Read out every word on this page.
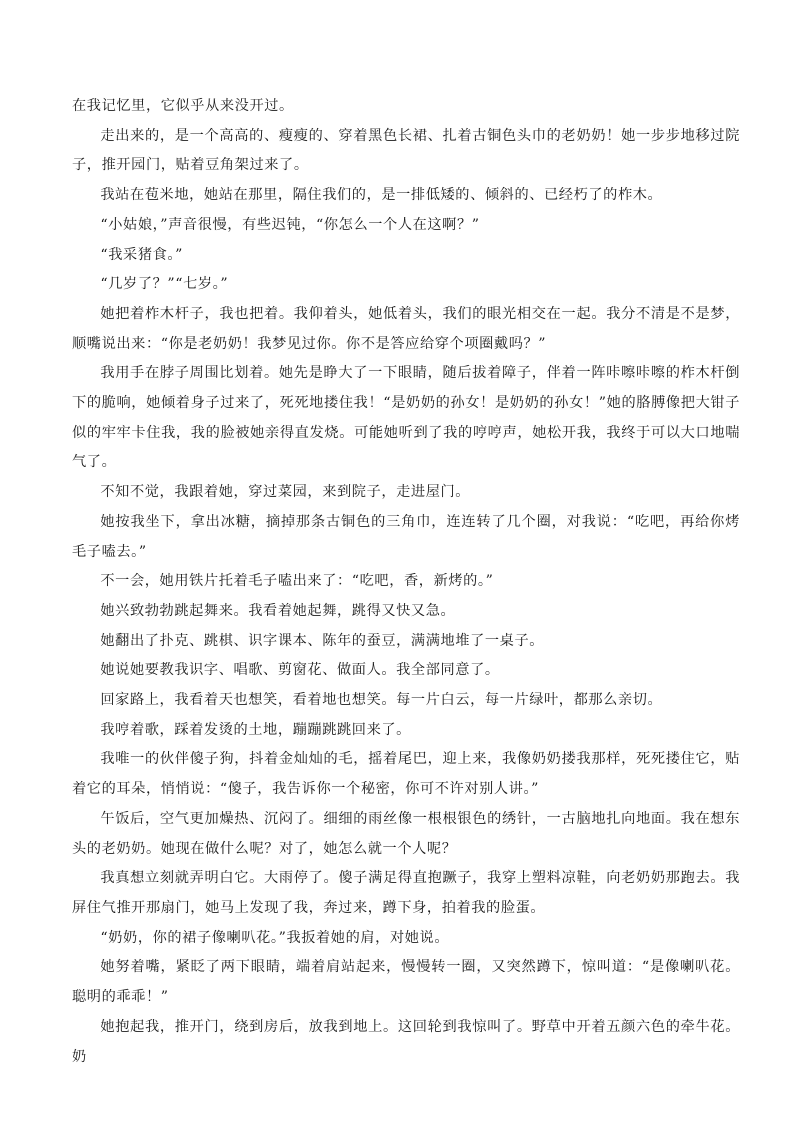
在我记忆里，它似乎从来没开过。

走出来的，是一个高高的、瘦瘦的、穿着黑色长裙、扎着古铜色头巾的老奶奶！她一步步地移过院子，推开园门，贴着豆角架过来了。

我站在苞米地，她站在那里，隔住我们的，是一排低矮的、倾斜的、已经朽了的柞木。

“小姑娘，”声音很慢，有些迟钝，“你怎么一个人在这啊？”

“我采猪食。”

“几岁了？”“七岁。”

她把着柞木杆子，我也把着。我仰着头，她低着头，我们的眼光相交在一起。我分不清是不是梦，顺嘴说出来：“你是老奶奶！我梦见过你。你不是答应给穿个项圈戴吗？”

我用手在脖子周围比划着。她先是睁大了一下眼睛，随后拔着障子，伴着一阵咔嚓咔嚓的柞木杆倒下的脆响，她倾着身子过来了，死死地搂住我！“是奶奶的孙女！是奶奶的孙女！”她的胳膊像把大钳子似的牢牢卡住我，我的脸被她亲得直发烧。可能她听到了我的哼哼声，她松开我，我终于可以大口地喘气了。

不知不觉，我跟着她，穿过菜园，来到院子，走进屋门。

她按我坐下，拿出冰糖，摘掉那条古铜色的三角巾，连连转了几个圈，对我说：“吃吧，再给你烤毛子嗑去。”

不一会，她用铁片托着毛子嗑出来了：“吃吧，香，新烤的。”

她兴致勃勃跳起舞来。我看着她起舞，跳得又快又急。

她翻出了扑克、跳棋、识字课本、陈年的蚕豆，满满地堆了一桌子。

她说她要教我识字、唱歌、剪窗花、做面人。我全部同意了。

回家路上，我看着天也想笑，看着地也想笑。每一片白云，每一片绿叶，都那么亲切。

我哼着歌，踩着发烫的土地，蹦蹦跳跳回来了。

我唯一的伙伴傻子狗，抖着金灿灿的毛，摇着尾巴，迎上来，我像奶奶搂我那样，死死搂住它，贴着它的耳朵，悄悄说：“傻子，我告诉你一个秘密，你可不许对别人讲。”

午饭后，空气更加燥热、沉闷了。细细的雨丝像一根根银色的绣针，一古脑地扎向地面。我在想东头的老奶奶。她现在做什么呢？对了，她怎么就一个人呢？

我真想立刻就弄明白它。大雨停了。傻子满足得直抱蹶子，我穿上塑料凉鞋，向老奶奶那跑去。我屏住气推开那扇门，她马上发现了我，奔过来，蹲下身，拍着我的脸蛋。

“奶奶，你的裙子像喇叭花。”我扳着她的肩，对她说。

她努着嘴，紧眨了两下眼睛，端着肩站起来，慢慢转一圈，又突然蹲下，惊叫道：“是像喇叭花。聪明的乖乖！”

她抱起我，推开门，绕到房后，放我到地上。这回轮到我惊叫了。野草中开着五颜六色的牵牛花。奶
